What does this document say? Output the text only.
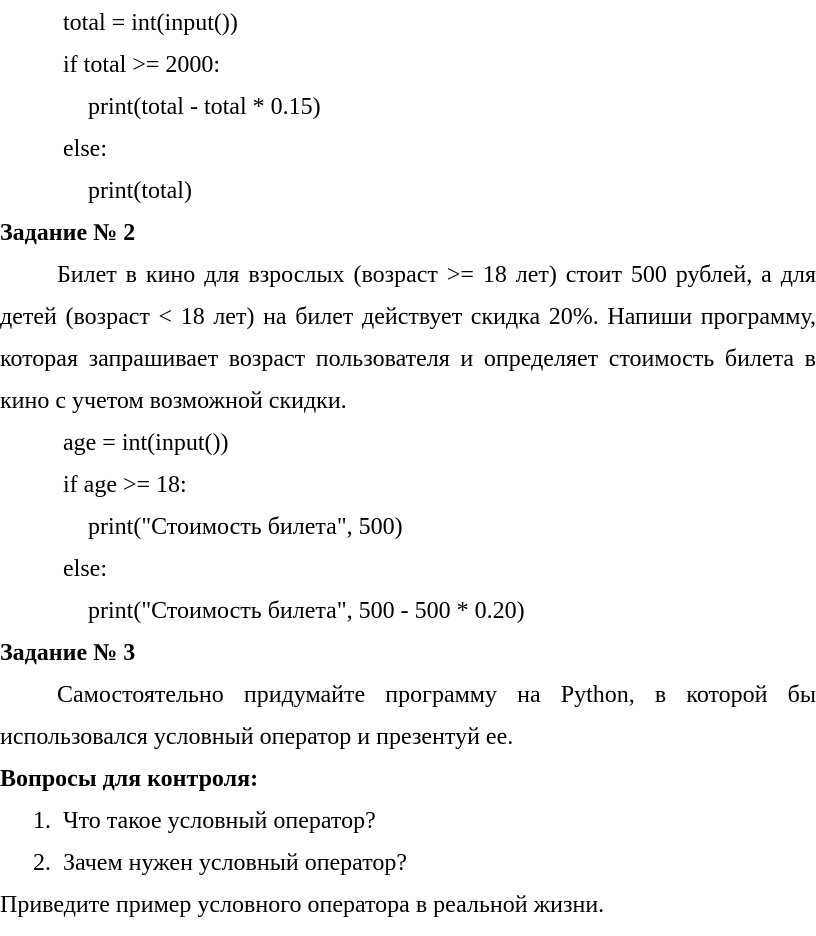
total = int(input())
if total >= 2000:
print(total - total * 0.15)
else:
print(total)
Задание № 2
Билет в кино для взрослых (возраст >= 18 лет) стоит 500 рублей, а для
детей (возраст < 18 лет) на билет действует скидка 20%. Напиши программу,
которая запрашивает возраст пользователя и определяет стоимость билета в
кино с учетом возможной скидки.
age = int(input())
if age >= 18:
print("Стоимость билета", 500)
else:
print("Стоимость билета", 500 - 500 * 0.20)
Задание № 3
Самостоятельно придумайте программу на Python, в которой бы
использовался условный оператор и презентуй ее.
Вопросы для контроля:
1. Что такое условный оператор?
2. Зачем нужен условный оператор?
Приведите пример условного оператора в реальной жизни.
